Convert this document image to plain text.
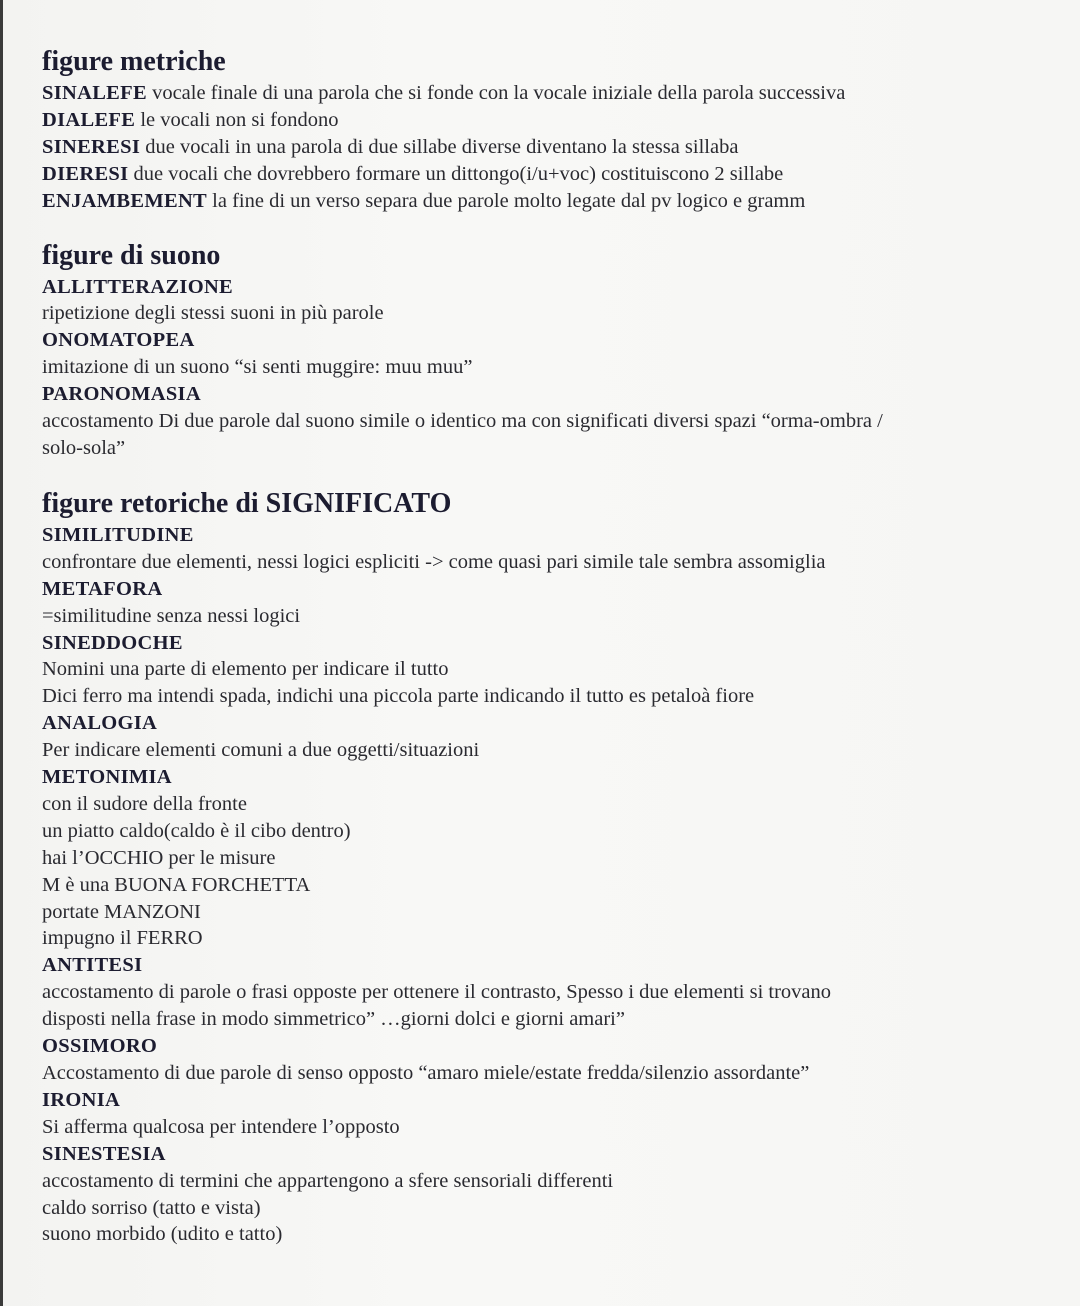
figure metriche
SINALEFE vocale finale di una parola che si fonde con la vocale iniziale della parola successiva
DIALEFE le vocali non si fondono
SINERESI due vocali in una parola di due sillabe diverse diventano la stessa sillaba
DIERESI due vocali che dovrebbero formare un dittongo(i/u+voc) costituiscono 2 sillabe
ENJAMBEMENT la fine di un verso separa due parole molto legate dal pv logico e gramm
figure di suono
ALLITTERAZIONE
ripetizione degli stessi suoni in più parole
ONOMATOPEA
imitazione di un suono “si senti muggire: muu muu”
PARONOMASIA
accostamento Di due parole dal suono simile o identico ma con significati diversi spazi “orma-ombra /
solo-sola”
figure retoriche di SIGNIFICATO
SIMILITUDINE
confrontare due elementi, nessi logici espliciti -> come quasi pari simile tale sembra assomiglia
METAFORA
=similitudine senza nessi logici
SINEDDOCHE
Nomini una parte di elemento per indicare il tutto
Dici ferro ma intendi spada, indichi una piccola parte indicando il tutto es petaloà fiore
ANALOGIA
Per indicare elementi comuni a due oggetti/situazioni
METONIMIA
con il sudore della fronte
un piatto caldo(caldo è il cibo dentro)
hai l’OCCHIO per le misure
M è una BUONA FORCHETTA
portate MANZONI
impugno il FERRO
ANTITESI
accostamento di parole o frasi opposte per ottenere il contrasto, Spesso i due elementi si trovano
disposti nella frase in modo simmetrico” …giorni dolci e giorni amari”
OSSIMORO
Accostamento di due parole di senso opposto “amaro miele/estate fredda/silenzio assordante”
IRONIA
Si afferma qualcosa per intendere l’opposto
SINESTESIA
accostamento di termini che appartengono a sfere sensoriali differenti
caldo sorriso (tatto e vista)
suono morbido (udito e tatto)
